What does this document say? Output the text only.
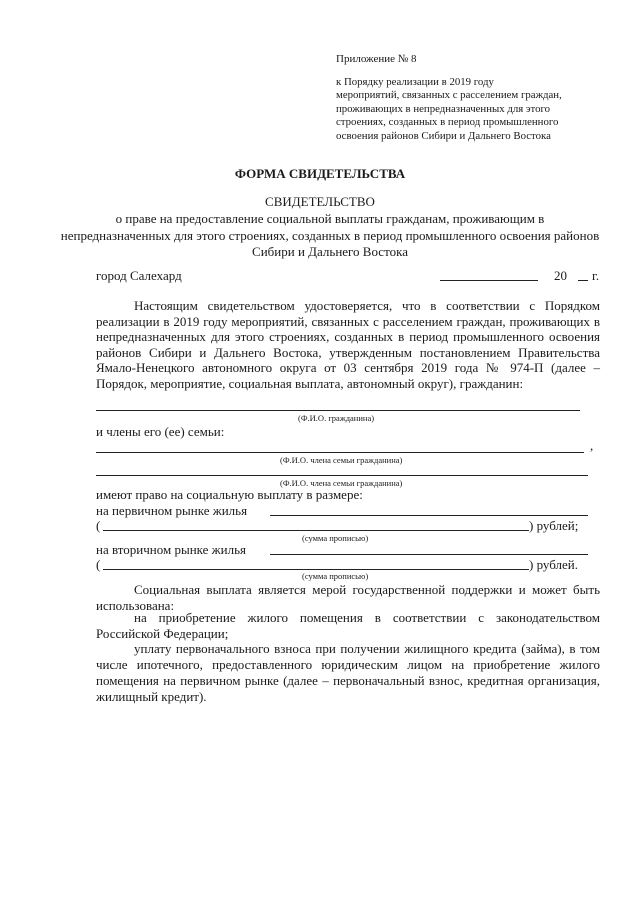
Приложение № 8
к Порядку реализации в 2019 году
мероприятий, связанных с расселением граждан,
проживающих в непредназначенных для этого
строениях, созданных в период промышленного
освоения районов Сибири и Дальнего Востока
ФОРМА СВИДЕТЕЛЬСТВА
СВИДЕТЕЛЬСТВО
о праве на предоставление социальной выплаты гражданам, проживающим в непредназначенных для этого строениях, созданных в период промышленного освоения районов Сибири и Дальнего Востока
город Салехард	20 г.
Настоящим свидетельством удостоверяется, что в соответствии с Порядком реализации в 2019 году мероприятий, связанных с расселением граждан, проживающих в непредназначенных для этого строениях, созданных в период промышленного освоения районов Сибири и Дальнего Востока, утвержденным постановлением Правительства Ямало-Ненецкого автономного округа от 03 сентября 2019 года № 974-П (далее – Порядок, мероприятие, социальная выплата, автономный округ), гражданин:
(Ф.И.О. гражданина)
и члены его (ее) семьи:
,
(Ф.И.О. члена семьи гражданина)
(Ф.И.О. члена семьи гражданина)
имеют право на социальную выплату в размере:
на первичном рынке жилья
(	) рублей;
(сумма прописью)
на вторичном рынке жилья
(	) рублей.
(сумма прописью)
Социальная выплата является мерой государственной поддержки и может быть использована:
на приобретение жилого помещения в соответствии с законодательством Российской Федерации;
уплату первоначального взноса при получении жилищного кредита (займа), в том числе ипотечного, предоставленного юридическим лицом на приобретение жилого помещения на первичном рынке (далее – первоначальный взнос, кредитная организация, жилищный кредит).
